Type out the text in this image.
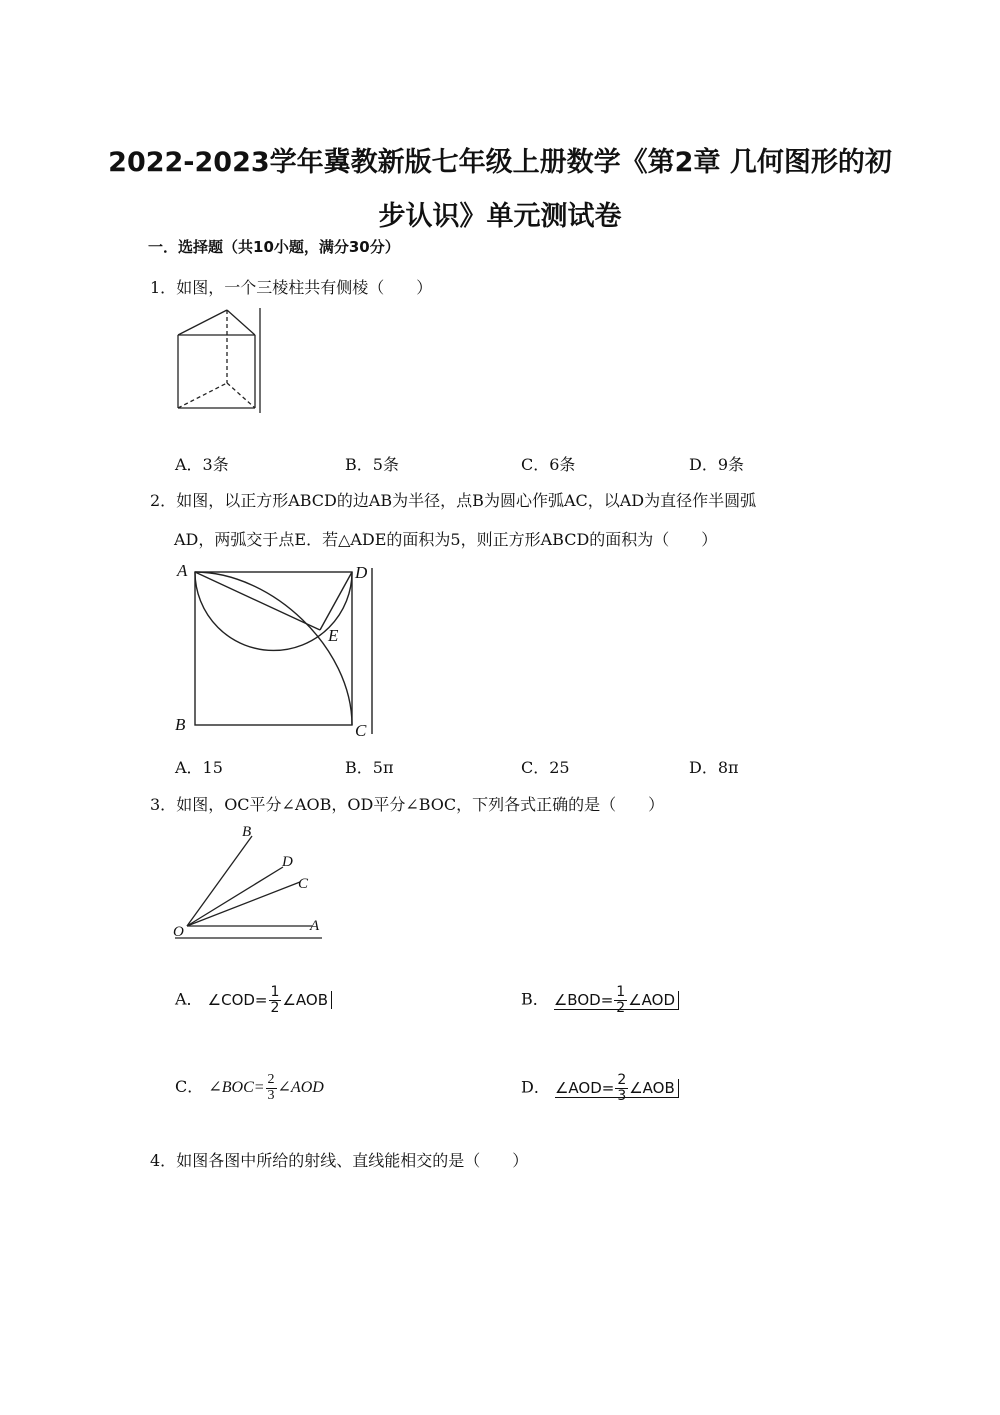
2022-2023学年冀教新版七年级上册数学《第2章 几何图形的初
步认识》单元测试卷
一．选择题（共10小题，满分30分）
1．如图，一个三棱柱共有侧棱（　　）
A．3条	B．5条	C．6条	D．9条
2．如图，以正方形ABCD的边AB为半径，点B为圆心作弧AC，以AD为直径作半圆弧
AD，两弧交于点E．若△ADE的面积为5，则正方形ABCD的面积为（　　）
A	D
E
B	C
A．15	B．5π	C．25	D．8π
3．如图，OC平分∠AOB，OD平分∠BOC，下列各式正确的是（　　）
B
D
C
O	A
A． ∠COD= $\frac{1}{2}$ ∠AOB	B． ∠BOD= $\frac{1}{2}$ ∠AOD
C． ∠BOC= $\frac{2}{3}$ ∠AOD	D． ∠AOD= $\frac{2}{3}$ ∠AOB
4．如图各图中所给的射线、直线能相交的是（　　）
